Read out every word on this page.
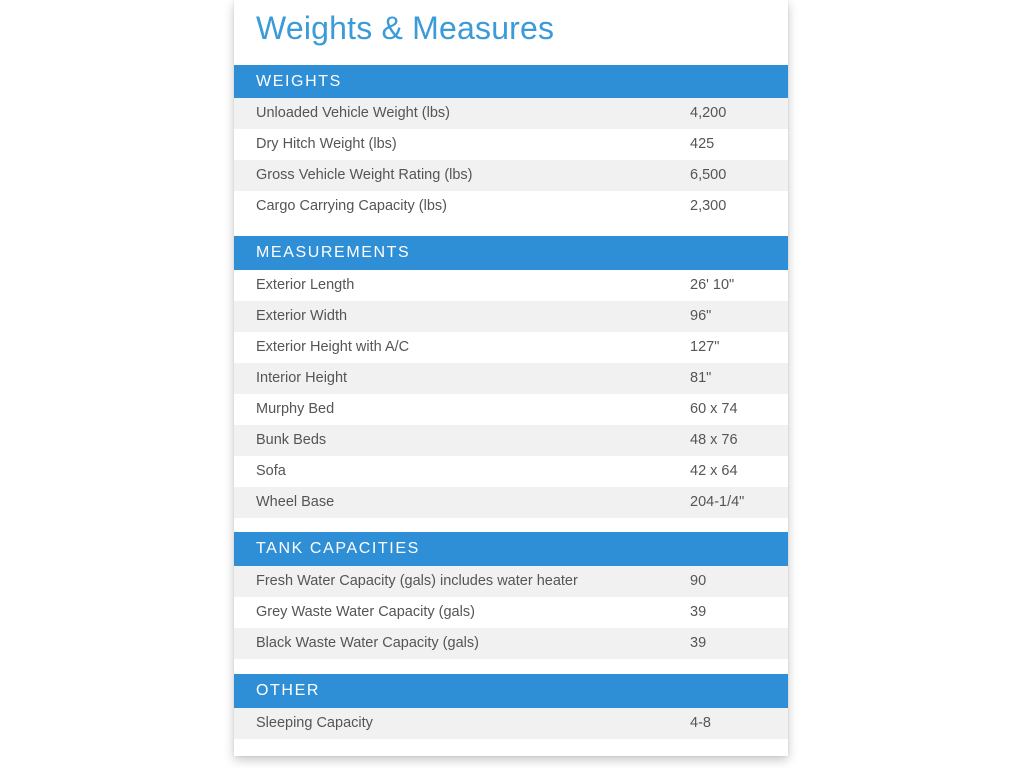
Weights & Measures
WEIGHTS
Unloaded Vehicle Weight (lbs)	4,200
Dry Hitch Weight (lbs)	425
Gross Vehicle Weight Rating (lbs)	6,500
Cargo Carrying Capacity (lbs)	2,300
MEASUREMENTS
Exterior Length	26' 10"
Exterior Width	96"
Exterior Height with A/C	127"
Interior Height	81"
Murphy Bed	60 x 74
Bunk Beds	48 x 76
Sofa	42 x 64
Wheel Base	204-1/4"
TANK CAPACITIES
Fresh Water Capacity (gals) includes water heater	90
Grey Waste Water Capacity (gals)	39
Black Waste Water Capacity (gals)	39
OTHER
Sleeping Capacity	4-8
